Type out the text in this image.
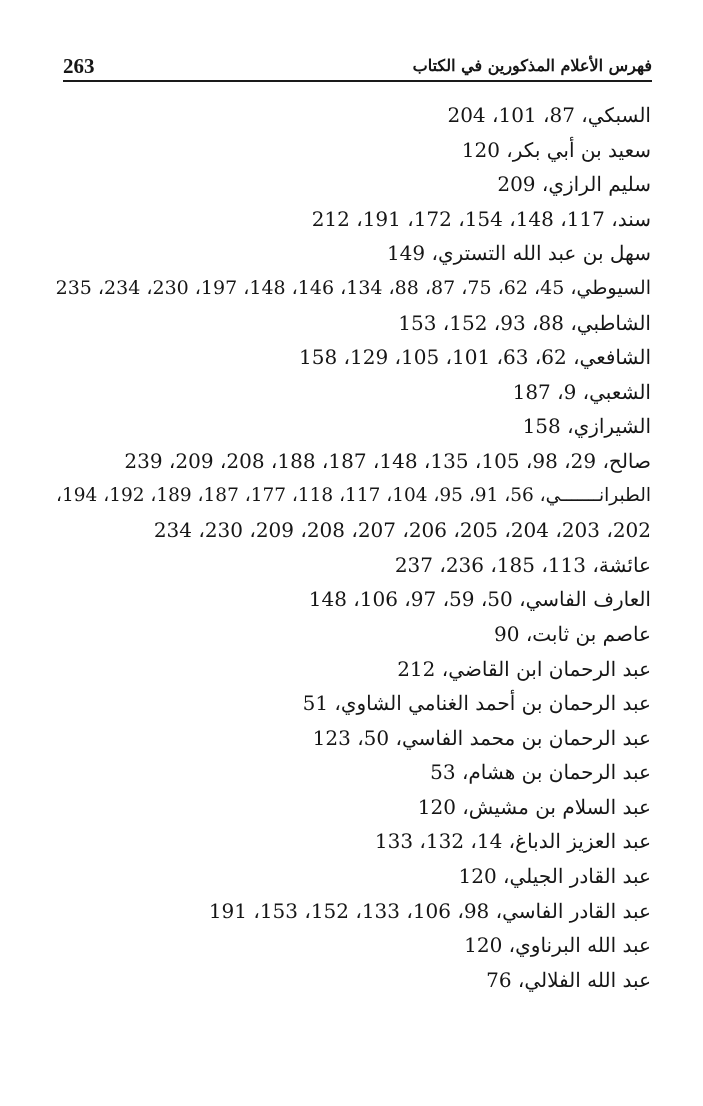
263	فهرس الأعلام المذكورين في الكتاب
السبكي، 87، 101، 204
سعيد بن أبي بكر، 120
سليم الرازي، 209
سند، 117، 148، 154، 172، 191، 212
سهل بن عبد الله التستري، 149
السيوطي، 45، 62، 75، 87، 88، 134، 146، 148، 197، 230، 234، 235
الشاطبي، 88، 93، 152، 153
الشافعي، 62، 63، 101، 105، 129، 158
الشعبي، 9، 187
الشيرازي، 158
صالح، 29، 98، 105، 135، 148، 187، 188، 208، 209، 239
الطبرانـــــــي، 56، 91، 95، 104، 117، 118، 177، 187، 189، 192، 194،
202، 203، 204، 205، 206، 207، 208، 209، 230، 234
عائشة، 113، 185، 236، 237
العارف الفاسي، 50، 59، 97، 106، 148
عاصم بن ثابت، 90
عبد الرحمان ابن القاضي، 212
عبد الرحمان بن أحمد الغنامي الشاوي، 51
عبد الرحمان بن محمد الفاسي، 50، 123
عبد الرحمان بن هشام، 53
عبد السلام بن مشيش، 120
عبد العزيز الدباغ، 14، 132، 133
عبد القادر الجيلي، 120
عبد القادر الفاسي، 98، 106، 133، 152، 153، 191
عبد الله البرناوي، 120
عبد الله الفلالي، 76
